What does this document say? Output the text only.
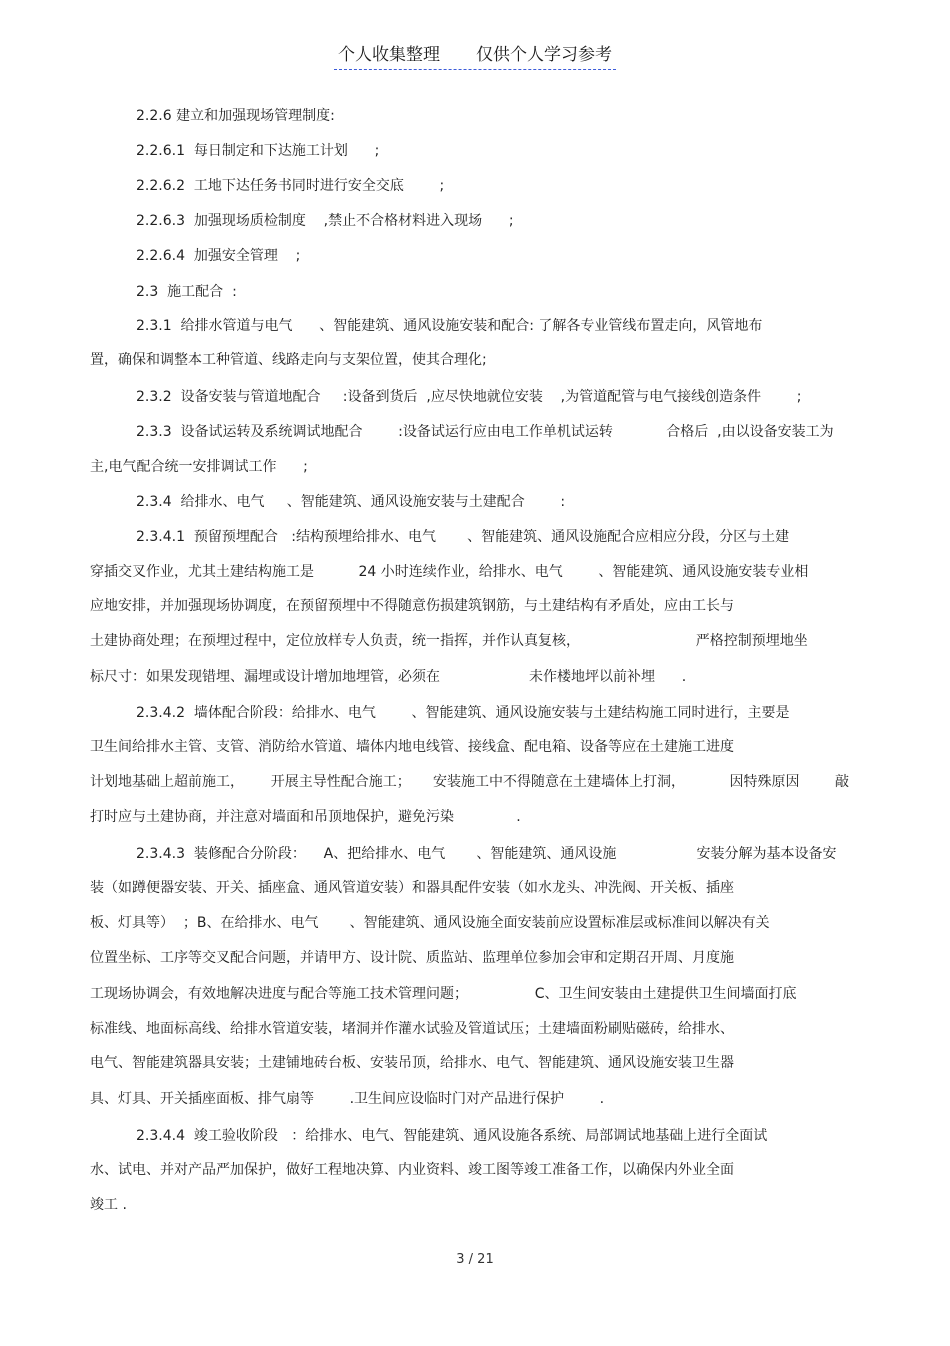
个人收集整理 仅供个人学习参考
2.2.6 建立和加强现场管理制度:
2.2.6.1  每日制定和下达施工计划      ;
2.2.6.2  工地下达任务书同时进行安全交底        ;
2.2.6.3  加强现场质检制度    ,禁止不合格材料进入现场      ;
2.2.6.4  加强安全管理    ;
2.3  施工配合  :
2.3.1  给排水管道与电气      、智能建筑、通风设施安装和配合: 了解各专业管线布置走向，风管地布
置，确保和调整本工种管道、线路走向与支架位置，使其合理化;
2.3.2  设备安装与管道地配合     :设备到货后  ,应尽快地就位安装    ,为管道配管与电气接线创造条件        ;
2.3.3  设备试运转及系统调试地配合        :设备试运行应由电工作单机试运转            合格后  ,由以设备安装工为
主,电气配合统一安排调试工作      ;
2.3.4  给排水、电气     、智能建筑、通风设施安装与土建配合        :
2.3.4.1  预留预埋配合   :结构预埋给排水、电气       、智能建筑、通风设施配合应相应分段，分区与土建
穿插交叉作业，尤其土建结构施工是          24 小时连续作业，给排水、电气        、智能建筑、通风设施安装专业相
应地安排，并加强现场协调度，在预留预埋中不得随意伤损建筑钢筋，与土建结构有矛盾处，应由工长与
土建协商处理；在预埋过程中，定位放样专人负责，统一指挥，并作认真复核，                          严格控制预埋地坐
标尺寸：如果发现错埋、漏埋或设计增加地埋管，必须在                    未作楼地坪以前补埋      .
2.3.4.2  墙体配合阶段：给排水、电气        、智能建筑、通风设施安装与土建结构施工同时进行，主要是
卫生间给排水主管、支管、消防给水管道、墙体内地电线管、接线盒、配电箱、设备等应在土建施工进度
计划地基础上超前施工，      开展主导性配合施工；     安装施工中不得随意在土建墙体上打洞，          因特殊原因        敲
打时应与土建协商，并注意对墙面和吊顶地保护，避免污染              .
2.3.4.3  装修配合分阶段：    A、把给排水、电气       、智能建筑、通风设施                  安装分解为基本设备安
装（如蹲便器安装、开关、插座盒、通风管道安装）和器具配件安装（如水龙头、冲洗阀、开关板、插座
板、灯具等）  ；B、在给排水、电气       、智能建筑、通风设施全面安装前应设置标准层或标准间以解决有关
位置坐标、工序等交叉配合问题，并请甲方、设计院、质监站、监理单位参加会审和定期召开周、月度施
工现场协调会，有效地解决进度与配合等施工技术管理问题；               C、卫生间安装由土建提供卫生间墙面打底
标准线、地面标高线、给排水管道安装，堵洞并作灌水试验及管道试压；土建墙面粉刷贴磁砖，给排水、
电气、智能建筑器具安装；土建铺地砖台板、安装吊顶，给排水、电气、智能建筑、通风设施安装卫生器
具、灯具、开关插座面板、排气扇等        .卫生间应设临时门对产品进行保护        .
2.3.4.4  竣工验收阶段   ：给排水、电气、智能建筑、通风设施各系统、局部调试地基础上进行全面试
水、试电、并对产品严加保护，做好工程地决算、内业资料、竣工图等竣工准备工作，以确保内外业全面
竣工 .
3 / 21
